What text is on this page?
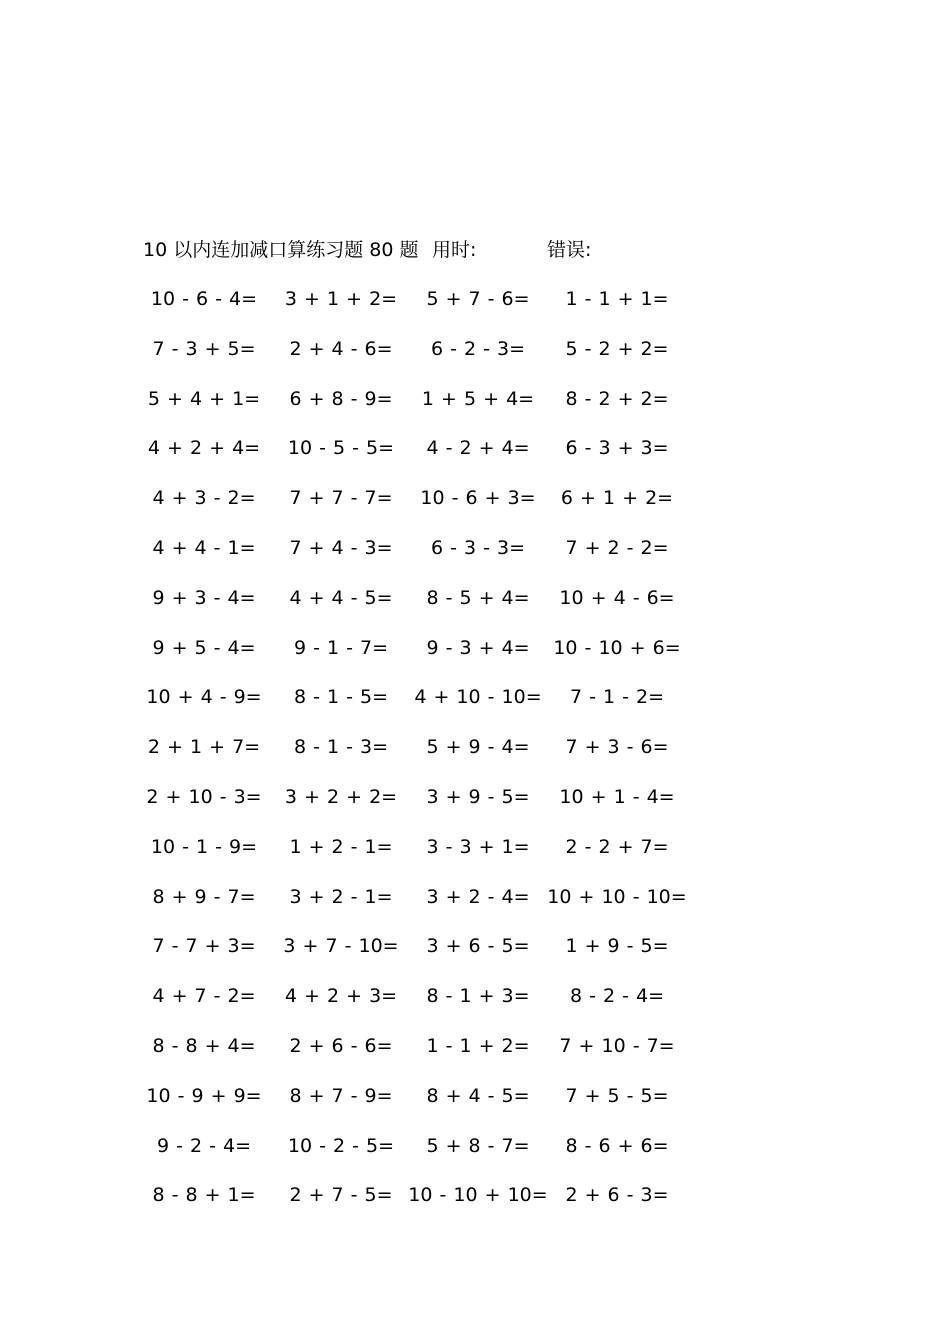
10 以内连加减口算练习题 80 题 用时:	错误:
10 - 6 - 4=	3 + 1 + 2=	5 + 7 - 6=	1 - 1 + 1=
7 - 3 + 5=	2 + 4 - 6=	6 - 2 - 3=	5 - 2 + 2=
5 + 4 + 1=	6 + 8 - 9=	1 + 5 + 4=	8 - 2 + 2=
4 + 2 + 4=	10 - 5 - 5=	4 - 2 + 4=	6 - 3 + 3=
4 + 3 - 2=	7 + 7 - 7=	10 - 6 + 3=	6 + 1 + 2=
4 + 4 - 1=	7 + 4 - 3=	6 - 3 - 3=	7 + 2 - 2=
9 + 3 - 4=	4 + 4 - 5=	8 - 5 + 4=	10 + 4 - 6=
9 + 5 - 4=	9 - 1 - 7=	9 - 3 + 4=	10 - 10 + 6=
10 + 4 - 9=	8 - 1 - 5=	4 + 10 - 10=	7 - 1 - 2=
2 + 1 + 7=	8 - 1 - 3=	5 + 9 - 4=	7 + 3 - 6=
2 + 10 - 3=	3 + 2 + 2=	3 + 9 - 5=	10 + 1 - 4=
10 - 1 - 9=	1 + 2 - 1=	3 - 3 + 1=	2 - 2 + 7=
8 + 9 - 7=	3 + 2 - 1=	3 + 2 - 4= 10 + 10 - 10=
7 - 7 + 3=	3 + 7 - 10=	3 + 6 - 5=	1 + 9 - 5=
4 + 7 - 2=	4 + 2 + 3=	8 - 1 + 3=	8 - 2 - 4=
8 - 8 + 4=	2 + 6 - 6=	1 - 1 + 2=	7 + 10 - 7=
10 - 9 + 9=	8 + 7 - 9=	8 + 4 - 5=	7 + 5 - 5=
9 - 2 - 4=	10 - 2 - 5=	5 + 8 - 7=	8 - 6 + 6=
8 - 8 + 1=	2 + 7 - 5= 10 - 10 + 10= 2 + 6 - 3=
